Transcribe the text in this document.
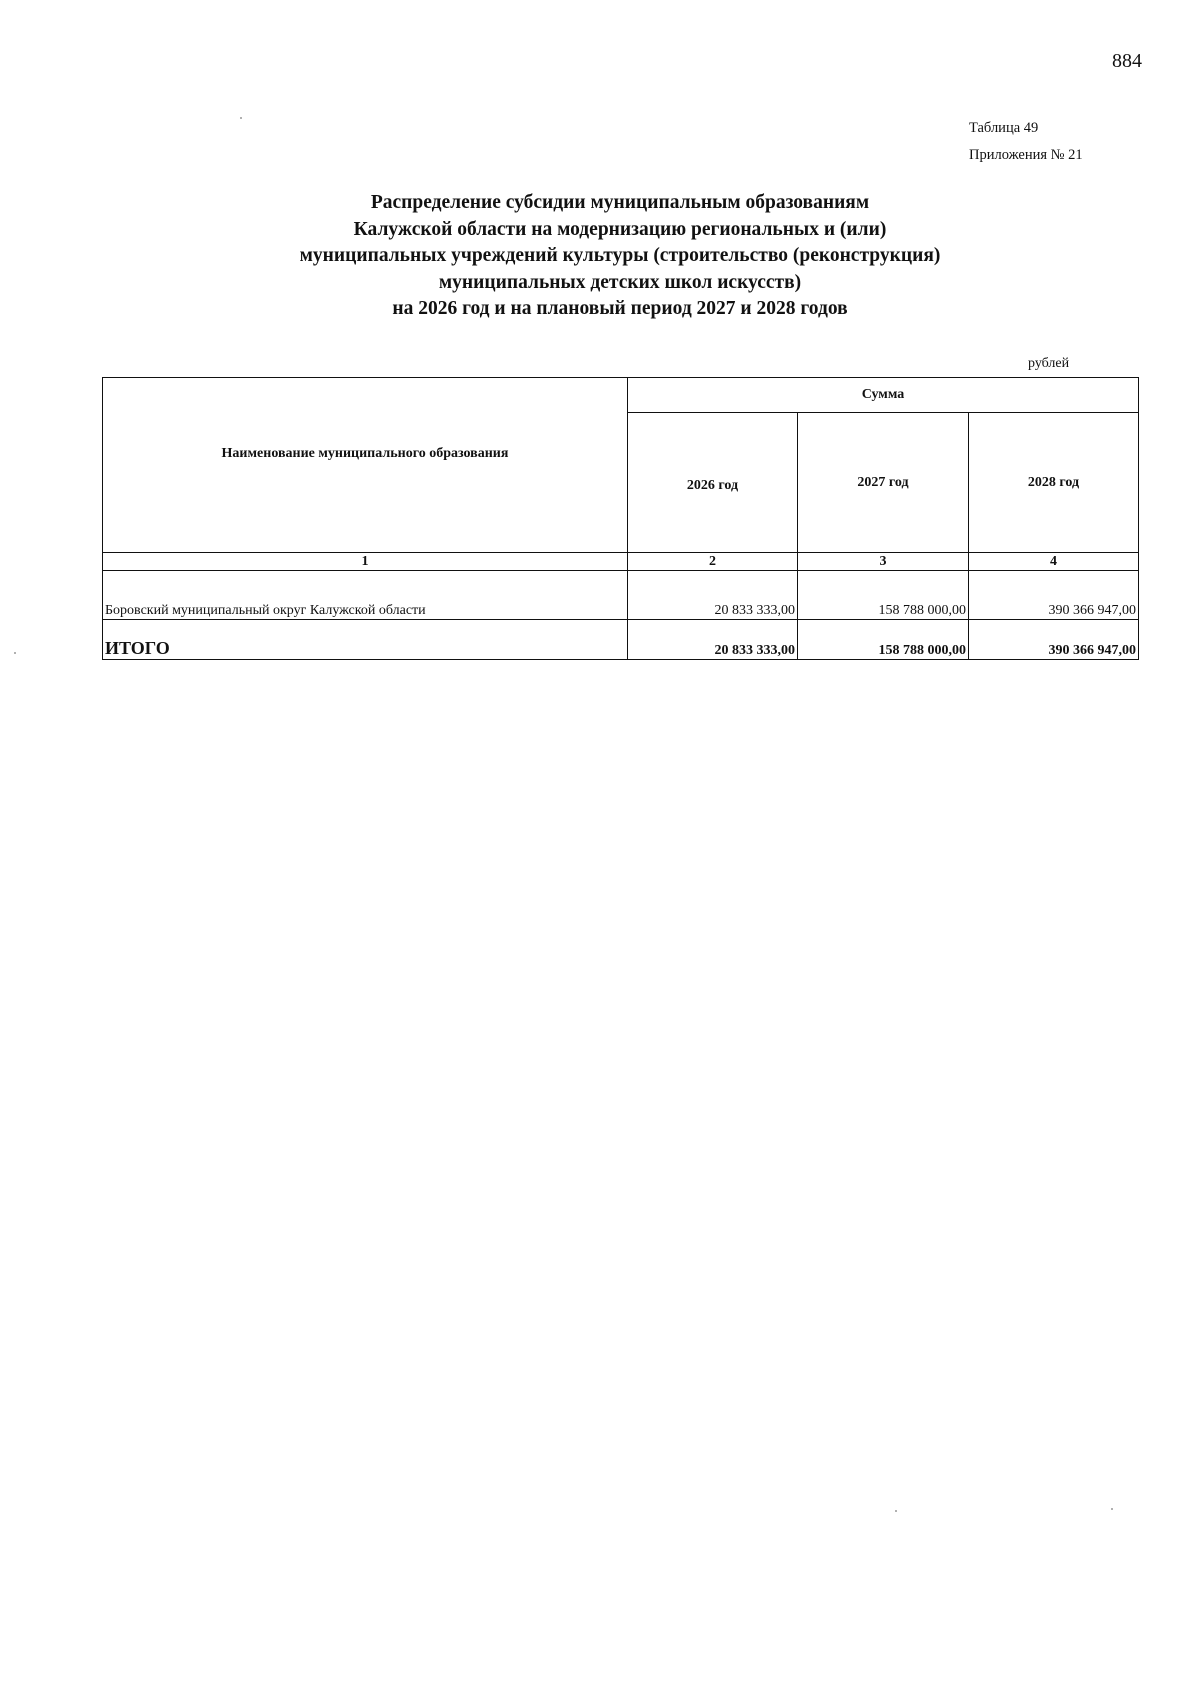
884
Таблица 49
Приложения № 21
Распределение субсидии муниципальным образованиям
Калужской области на модернизацию региональных и (или)
муниципальных учреждений культуры (строительство (реконструкция)
муниципальных детских школ искусств)
на 2026 год и на плановый период 2027 и 2028 годов
рублей
Наименование муниципального образования	Сумма		
	2026 год	2027 год	2028 год
1	2	3	4
Боровский муниципальный округ Калужской области	20 833 333,00	158 788 000,00	390 366 947,00
ИТОГО	20 833 333,00	158 788 000,00	390 366 947,00
